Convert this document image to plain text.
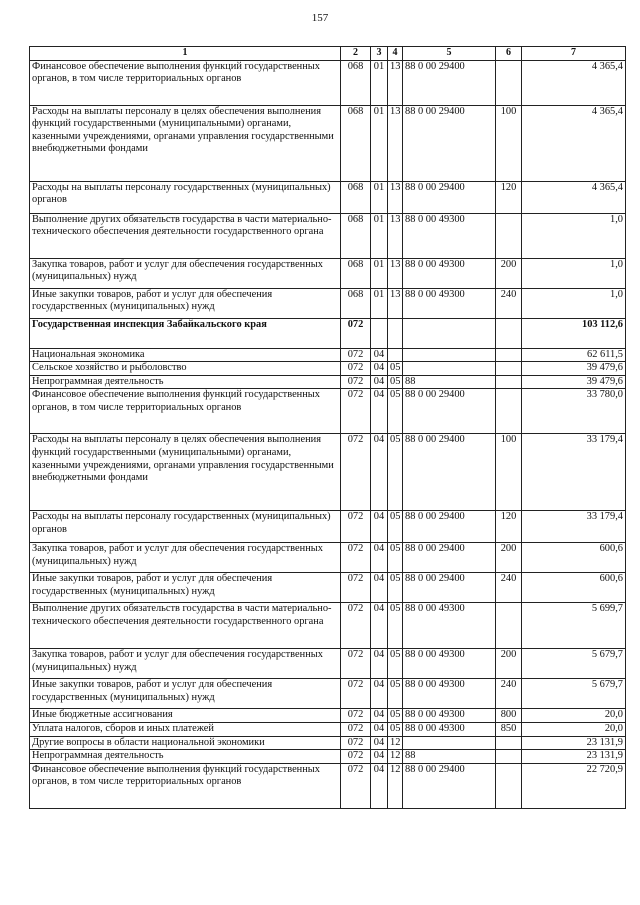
157
1	2	3	4	5	6	7
Финансовое обеспечение выполнения функций государственных органов, в том числе территориальных органов	068	01	13	88 0 00 29400		4 365,4
Расходы на выплаты персоналу в целях обеспечения выполнения функций государственными (муниципальными) органами, казенными учреждениями, органами управления государственными внебюджетными фондами	068	01	13	88 0 00 29400	100	4 365,4
Расходы на выплаты персоналу государственных (муниципальных) органов	068	01	13	88 0 00 29400	120	4 365,4
Выполнение других обязательств государства в части материально-технического обеспечения деятельности государственного органа	068	01	13	88 0 00 49300		1,0
Закупка товаров, работ и услуг для обеспечения государственных (муниципальных) нужд	068	01	13	88 0 00 49300	200	1,0
Иные закупки товаров, работ и услуг для обеспечения государственных (муниципальных) нужд	068	01	13	88 0 00 49300	240	1,0
Государственная инспекция Забайкальского края	072					103 112,6
Национальная экономика	072	04				62 611,5
Сельское хозяйство и рыболовство	072	04	05			39 479,6
Непрограммная деятельность	072	04	05	88		39 479,6
Финансовое обеспечение выполнения функций государственных органов, в том числе территориальных органов	072	04	05	88 0 00 29400		33 780,0
Расходы на выплаты персоналу в целях обеспечения выполнения функций государственными (муниципальными) органами, казенными учреждениями, органами управления государственными внебюджетными фондами	072	04	05	88 0 00 29400	100	33 179,4
Расходы на выплаты персоналу государственных (муниципальных) органов	072	04	05	88 0 00 29400	120	33 179,4
Закупка товаров, работ и услуг для обеспечения государственных (муниципальных) нужд	072	04	05	88 0 00 29400	200	600,6
Иные закупки товаров, работ и услуг для обеспечения государственных (муниципальных) нужд	072	04	05	88 0 00 29400	240	600,6
Выполнение других обязательств государства в части материально-технического обеспечения деятельности государственного органа	072	04	05	88 0 00 49300		5 699,7
Закупка товаров, работ и услуг для обеспечения государственных (муниципальных) нужд	072	04	05	88 0 00 49300	200	5 679,7
Иные закупки товаров, работ и услуг для обеспечения государственных (муниципальных) нужд	072	04	05	88 0 00 49300	240	5 679,7
Иные бюджетные ассигнования	072	04	05	88 0 00 49300	800	20,0
Уплата налогов, сборов и иных платежей	072	04	05	88 0 00 49300	850	20,0
Другие вопросы в области национальной экономики	072	04	12			23 131,9
Непрограммная деятельность	072	04	12	88		23 131,9
Финансовое обеспечение выполнения функций государственных органов, в том числе территориальных органов	072	04	12	88 0 00 29400		22 720,9
